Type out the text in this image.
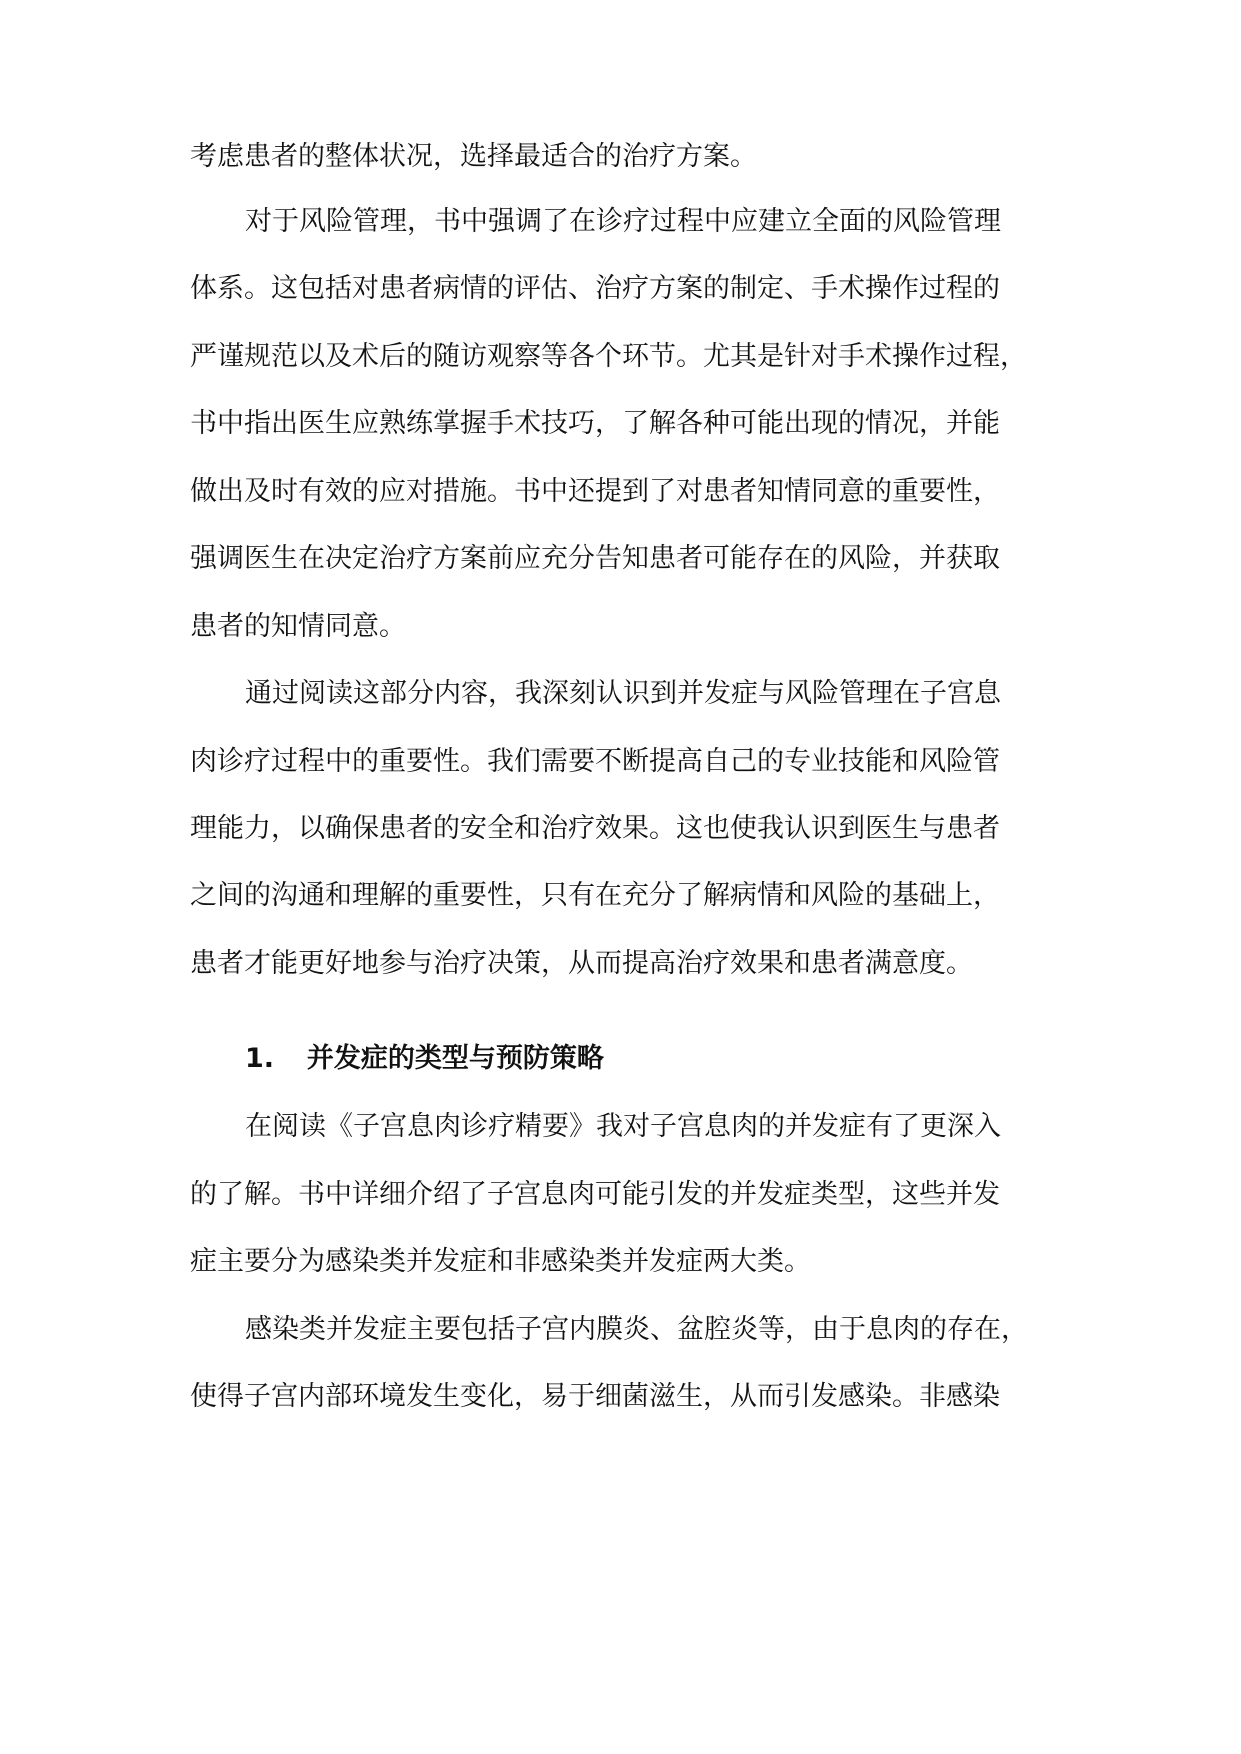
考虑患者的整体状况，选择最适合的治疗方案。
对于风险管理，书中强调了在诊疗过程中应建立全面的风险管理
体系。这包括对患者病情的评估、治疗方案的制定、手术操作过程的
严谨规范以及术后的随访观察等各个环节。尤其是针对手术操作过程，
书中指出医生应熟练掌握手术技巧，了解各种可能出现的情况，并能
做出及时有效的应对措施。书中还提到了对患者知情同意的重要性，
强调医生在决定治疗方案前应充分告知患者可能存在的风险，并获取
患者的知情同意。
通过阅读这部分内容，我深刻认识到并发症与风险管理在子宫息
肉诊疗过程中的重要性。我们需要不断提高自己的专业技能和风险管
理能力，以确保患者的安全和治疗效果。这也使我认识到医生与患者
之间的沟通和理解的重要性，只有在充分了解病情和风险的基础上，
患者才能更好地参与治疗决策，从而提高治疗效果和患者满意度。
1. 并发症的类型与预防策略
在阅读《子宫息肉诊疗精要》我对子宫息肉的并发症有了更深入
的了解。书中详细介绍了子宫息肉可能引发的并发症类型，这些并发
症主要分为感染类并发症和非感染类并发症两大类。
感染类并发症主要包括子宫内膜炎、盆腔炎等，由于息肉的存在，
使得子宫内部环境发生变化，易于细菌滋生，从而引发感染。非感染
